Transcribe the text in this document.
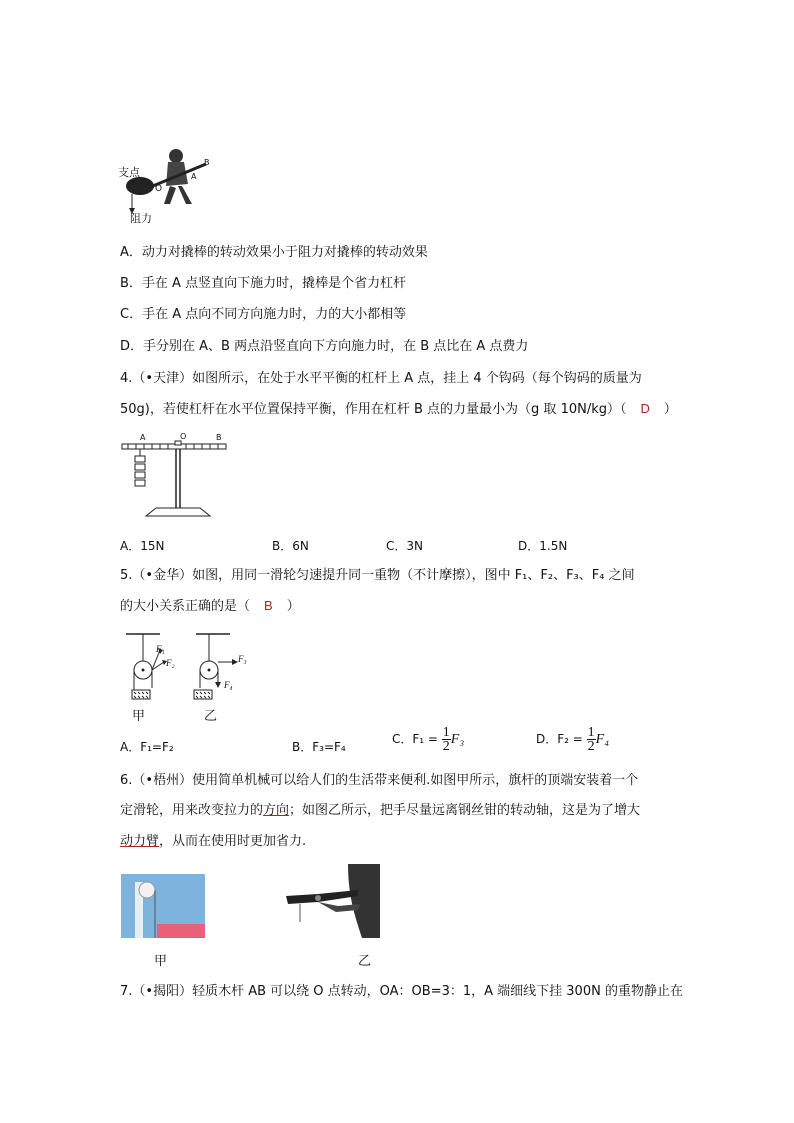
支点
阻力
O
A
B
A．动力对撬棒的转动效果小于阻力对撬棒的转动效果
B．手在 A 点竖直向下施力时，撬棒是个省力杠杆
C．手在 A 点向不同方向施力时，力的大小都相等
D．手分别在 A、B 两点沿竖直向下方向施力时，在 B 点比在 A 点费力
4.（•天津）如图所示，在处于水平平衡的杠杆上 A 点，挂上 4 个钩码（每个钩码的质量为
50g)，若使杠杆在水平位置保持平衡，作用在杠杆 B 点的力量最小为（g 取 10N/kg）（ D ）
A	O	B
A．15N	B．6N	C．3N	D．1.5N
5.（•金华）如图，用同一滑轮匀速提升同一重物（不计摩擦），图中 F₁、F₂、F₃、F₄ 之间
的大小关系正确的是（ B ）
F₁
F₂	F₃
F₄
甲	乙
A．F₁=F₂	B．F₃=F₄
C．$F_1 = \frac{1}{2} F_3$	D．$F_2 = \frac{1}{2} F_4$
6.（•梧州）使用简单机械可以给人们的生活带来便利.如图甲所示，旗杆的顶端安装着一个
定滑轮，用来改变拉力的方向；如图乙所示，把手尽量远离钢丝钳的转动轴，这是为了增大
动力臂，从而在使用时更加省力.
甲	乙
7.（•揭阳）轻质木杆 AB 可以绕 O 点转动，OA：OB=3：1，A 端细线下挂 300N 的重物静止在
